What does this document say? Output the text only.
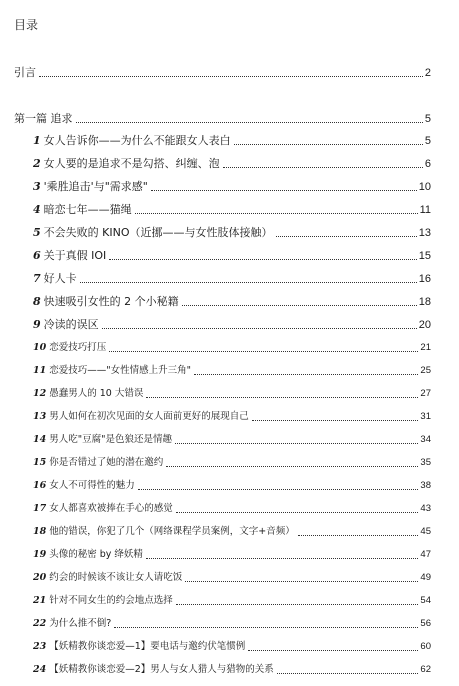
目录
引言	2
第一篇 追求	5
1 女人告诉你——为什么不能跟女人表白	5
2 女人要的是追求不是勾搭、纠缠、泡	6
3 '乘胜追击'与"需求感"	10
4 暗恋七年——猫绳	11
5 不会失败的 KINO（近挪——与女性肢体接触）	13
6 关于真假 IOI	15
7 好人卡	16
8 快速吸引女性的 2 个小秘籍	18
9 冷读的误区	20
10 恋爱技巧打压	21
11 恋爱技巧——"女性情感上升三角"	25
12 愚蠢男人的 10 大错误	27
13 男人如何在初次见面的女人面前更好的展现自己	31
14 男人吃"豆腐"是色狼还是情趣	34
15 你是否错过了她的潜在邀约	35
16 女人不可得性的魅力	38
17 女人都喜欢被捧在手心的感觉	43
18 他的错误，你犯了几个（网络课程学员案例，文字+音频）	45
19 头像的秘密 by 绛妖精	47
20 约会的时候该不该让女人请吃饭	49
21 针对不同女生的约会地点选择	54
22 为什么推不倒?	56
23 【妖精教你谈恋爱—1】要电话与邀约伏笔惯例	60
24 【妖精教你谈恋爱—2】男人与女人猎人与猎物的关系	62
